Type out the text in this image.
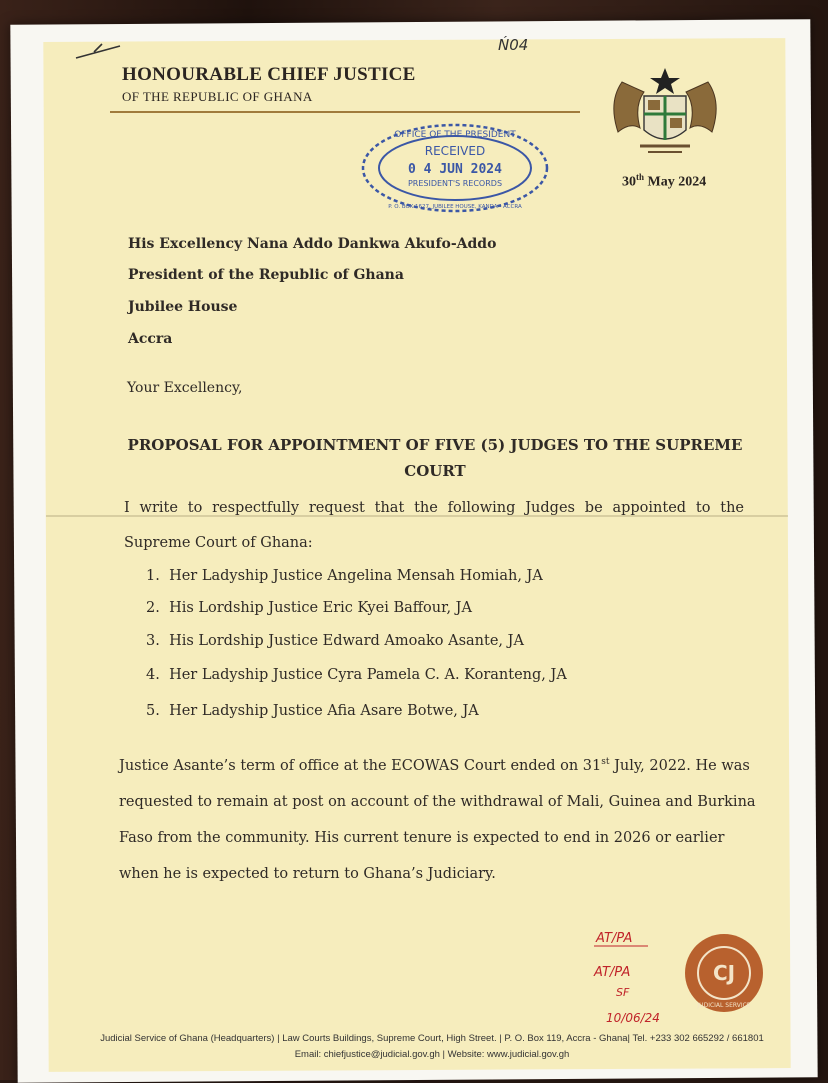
Ń04
HONOURABLE CHIEF JUSTICE
OF THE REPUBLIC OF GHANA
OFFICE OF THE PRESIDENT
RECEIVED
0 4 JUN 2024
PRESIDENT'S RECORDS
P. O. BOX 1627, JUBILEE HOUSE, KANDA - ACCRA
30th May 2024
His Excellency Nana Addo Dankwa Akufo-Addo
President of the Republic of Ghana
Jubilee House
Accra
Your Excellency,
PROPOSAL FOR APPOINTMENT OF FIVE (5) JUDGES TO THE SUPREME
COURT
I write to respectfully request that the following Judges be appointed to the
Supreme Court of Ghana:
1. Her Ladyship Justice Angelina Mensah Homiah, JA
2. His Lordship Justice Eric Kyei Baffour, JA
3. His Lordship Justice Edward Amoako Asante, JA
4. Her Ladyship Justice Cyra Pamela C. A. Koranteng, JA
5. Her Ladyship Justice Afia Asare Botwe, JA
Justice Asante’s term of office at the ECOWAS Court ended on 31st July, 2022. He was requested to remain at post on account of the withdrawal of Mali, Guinea and Burkina Faso from the community. His current tenure is expected to end in 2026 or earlier when he is expected to return to Ghana’s Judiciary.
AT/PA
AT/PA
SF
10/06/24
CJ
JUDICIAL SERVICE
Judicial Service of Ghana (Headquarters) | Law Courts Buildings, Supreme Court, High Street. | P. O. Box 119, Accra - Ghana| Tel. +233 302 665292 / 661801
Email: chiefjustice@judicial.gov.gh | Website: www.judicial.gov.gh
